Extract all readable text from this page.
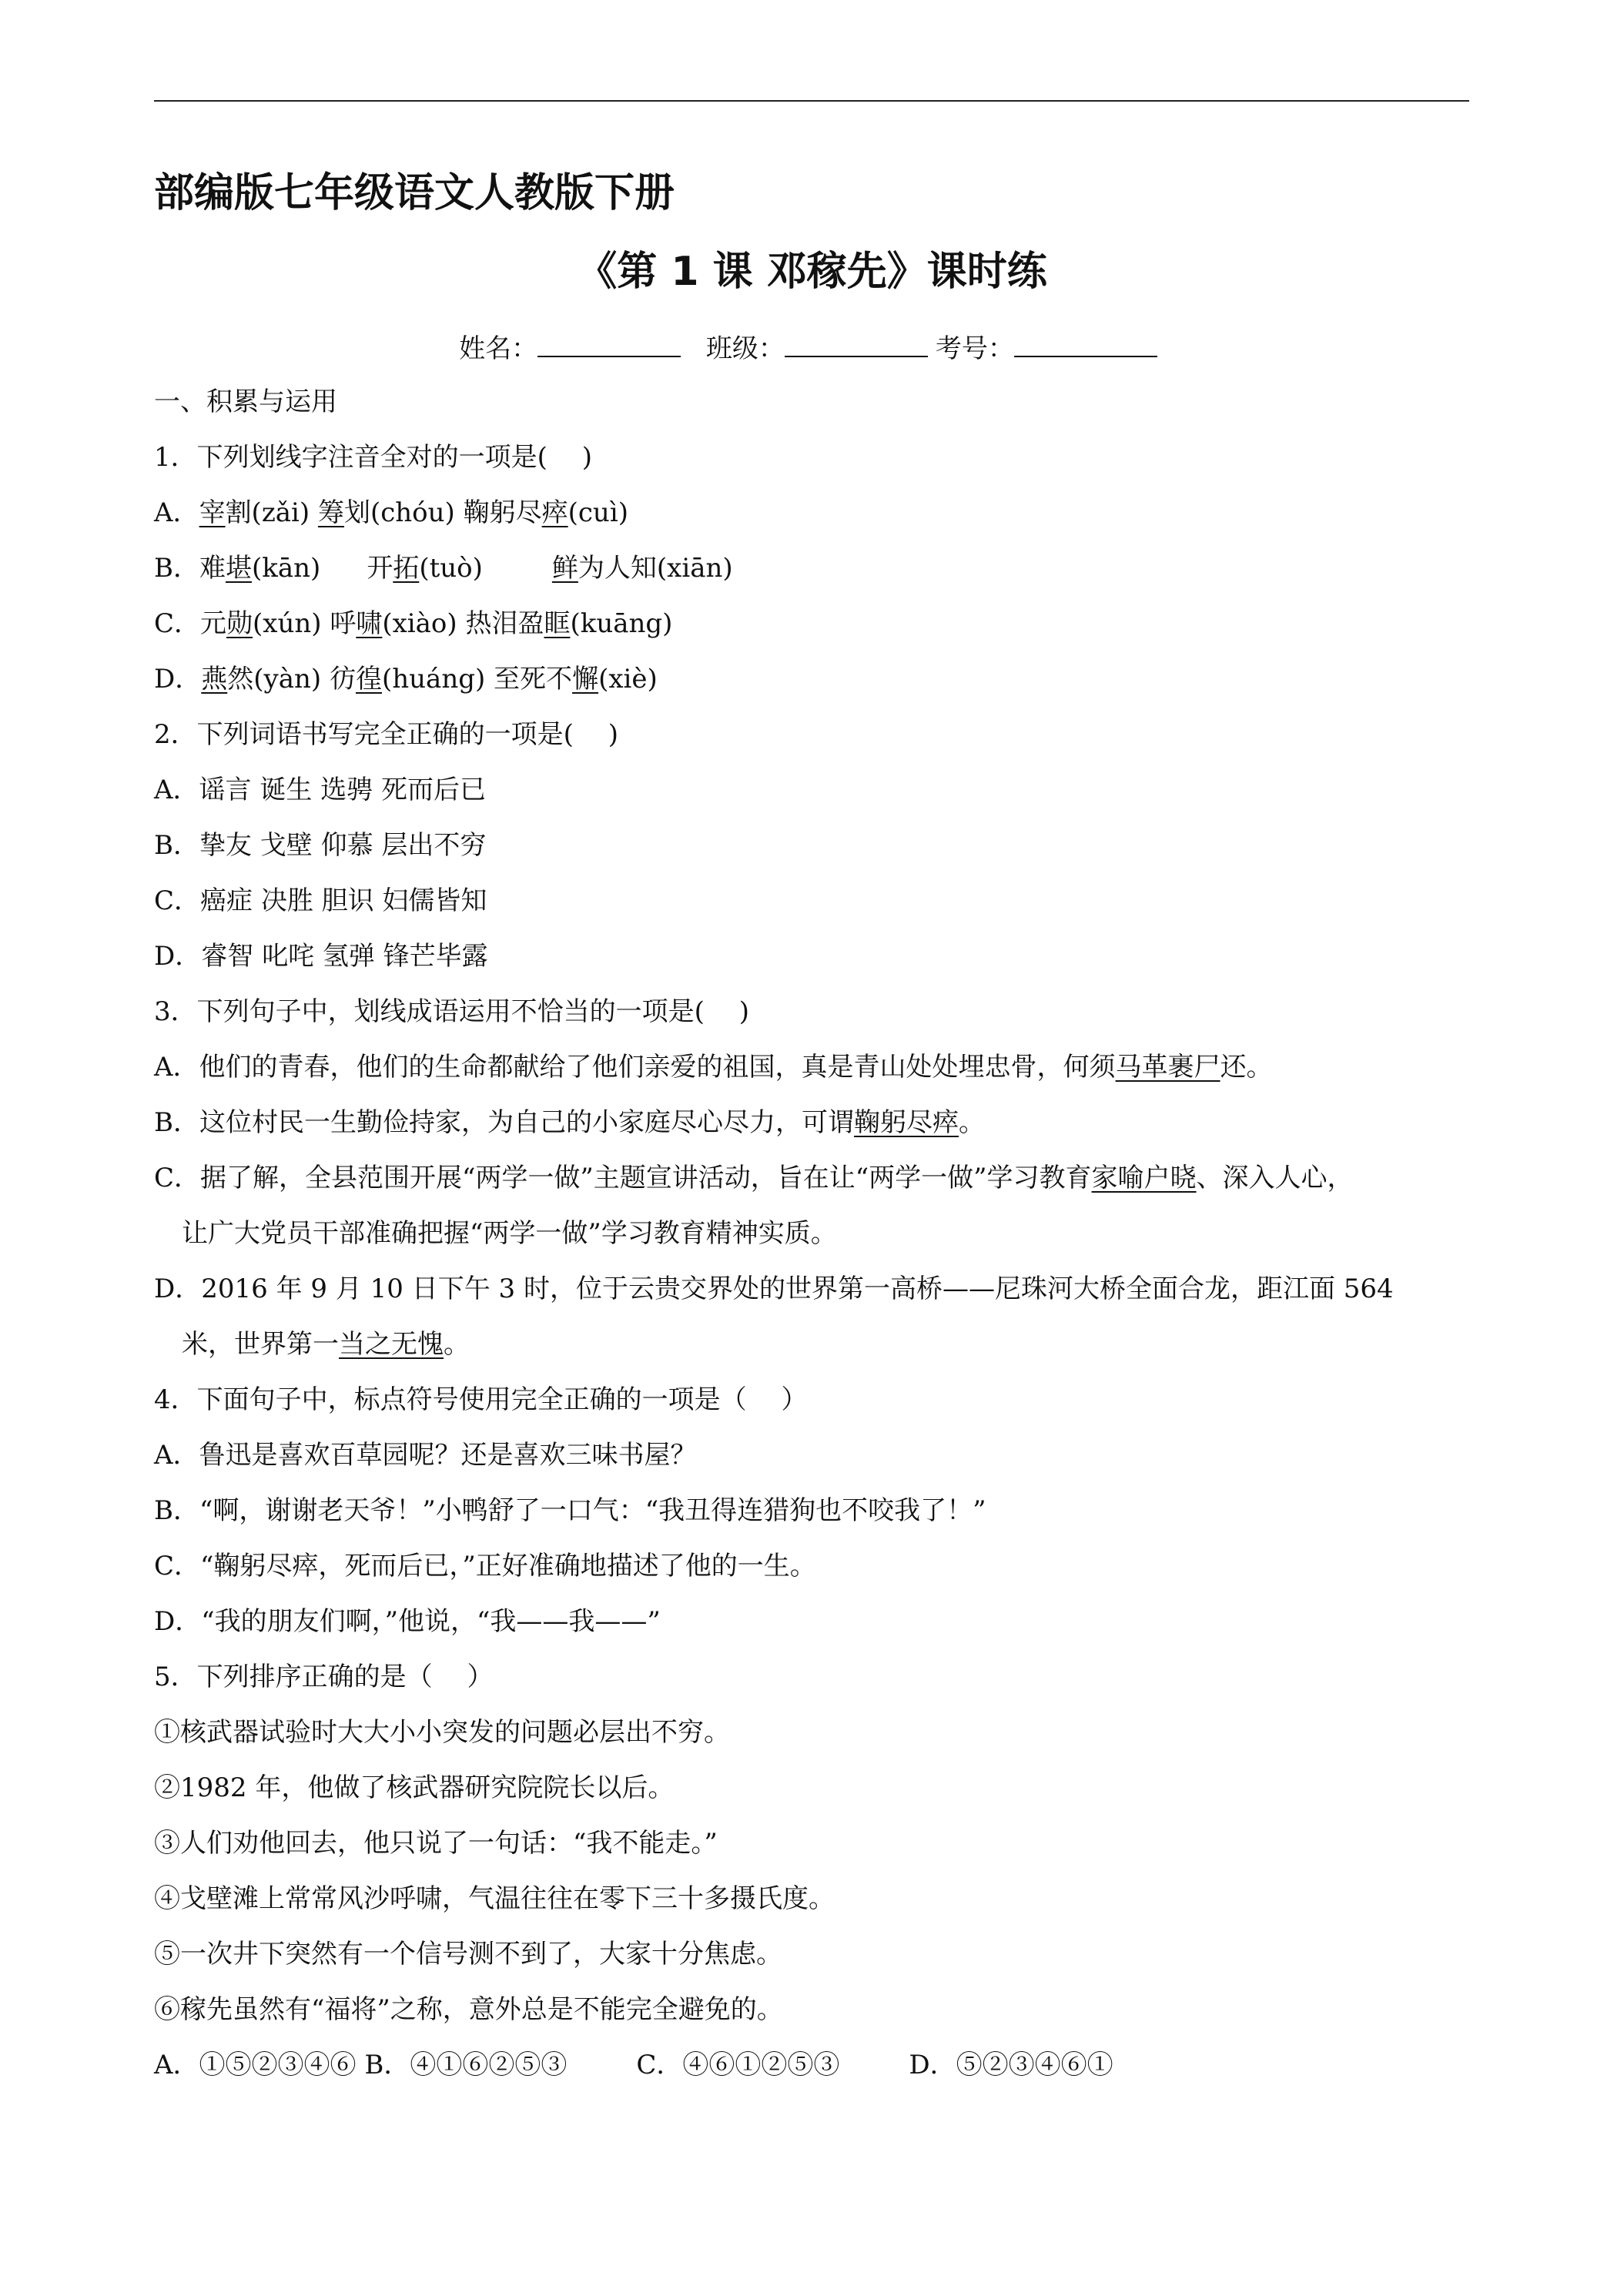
部编版七年级语文人教版下册
《第 1 课 邓稼先》课时练
姓名：	班级：	考号：
一、积累与运用
1．下列划线字注音全对的一项是(　 )
A．宰割(zǎi) 筹划(chóu) 鞠躬尽瘁(cuì)
B．难堪(kān) 开拓(tuò)	鲜为人知(xiān)
C．元勋(xún) 呼啸(xiào) 热泪盈眶(kuāng)
D．燕然(yàn) 彷徨(huáng) 至死不懈(xiè)
2．下列词语书写完全正确的一项是(　 )
A．谣言 诞生 选骋 死而后已
B．挚友 戈壁 仰慕 层出不穷
C．癌症 决胜 胆识 妇儒皆知
D．睿智 叱咤 氢弹 锋芒毕露
3．下列句子中，划线成语运用不恰当的一项是(　 )
A．他们的青春，他们的生命都献给了他们亲爱的祖国，真是青山处处埋忠骨，何须马革裹尸还。
B．这位村民一生勤俭持家，为自己的小家庭尽心尽力，可谓鞠躬尽瘁。
C．据了解，全县范围开展“两学一做”主题宣讲活动，旨在让“两学一做”学习教育家喻户晓、深入人心，
让广大党员干部准确把握“两学一做”学习教育精神实质。
D．2016 年 9 月 10 日下午 3 时，位于云贵交界处的世界第一高桥——尼珠河大桥全面合龙，距江面 564
米，世界第一当之无愧。
4．下面句子中，标点符号使用完全正确的一项是（　 ）
A．鲁迅是喜欢百草园呢？还是喜欢三味书屋？
B．“啊，谢谢老天爷！”小鸭舒了一口气：“我丑得连猎狗也不咬我了！”
C．“鞠躬尽瘁，死而后已，”正好准确地描述了他的一生。
D．“我的朋友们啊，”他说，“我——我——”
5．下列排序正确的是（　 ）
①核武器试验时大大小小突发的问题必层出不穷。
②1982 年，他做了核武器研究院院长以后。
③人们劝他回去，他只说了一句话：“我不能走。”
④戈壁滩上常常风沙呼啸，气温往往在零下三十多摄氏度。
⑤一次井下突然有一个信号测不到了，大家十分焦虑。
⑥稼先虽然有“福将”之称，意外总是不能完全避免的。
A．①⑤②③④⑥ B．④①⑥②⑤③	C．④⑥①②⑤③	D．⑤②③④⑥①
